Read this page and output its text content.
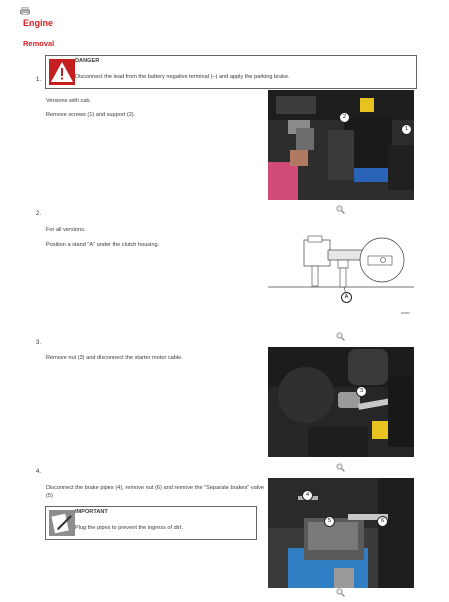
Engine
Removal
DANGER
Disconnect the lead from the battery negative terminal (–) and apply the parking brake.
1.
Versions with cab.
Remove screws (1) and support (2).	2
1
2.
For all versions.
Position a stand "A" under the clutch housing.
A
D5000
3.
Remove nut (3) and disconnect the starter motor cable.
3
4.
Disconnect the brake pipes (4), remove nut (6) and remove the "Separate brakes" valve (5)
IMPORTANT
Plug the pipes to prevent the ingress of dirt.
4
5	6
